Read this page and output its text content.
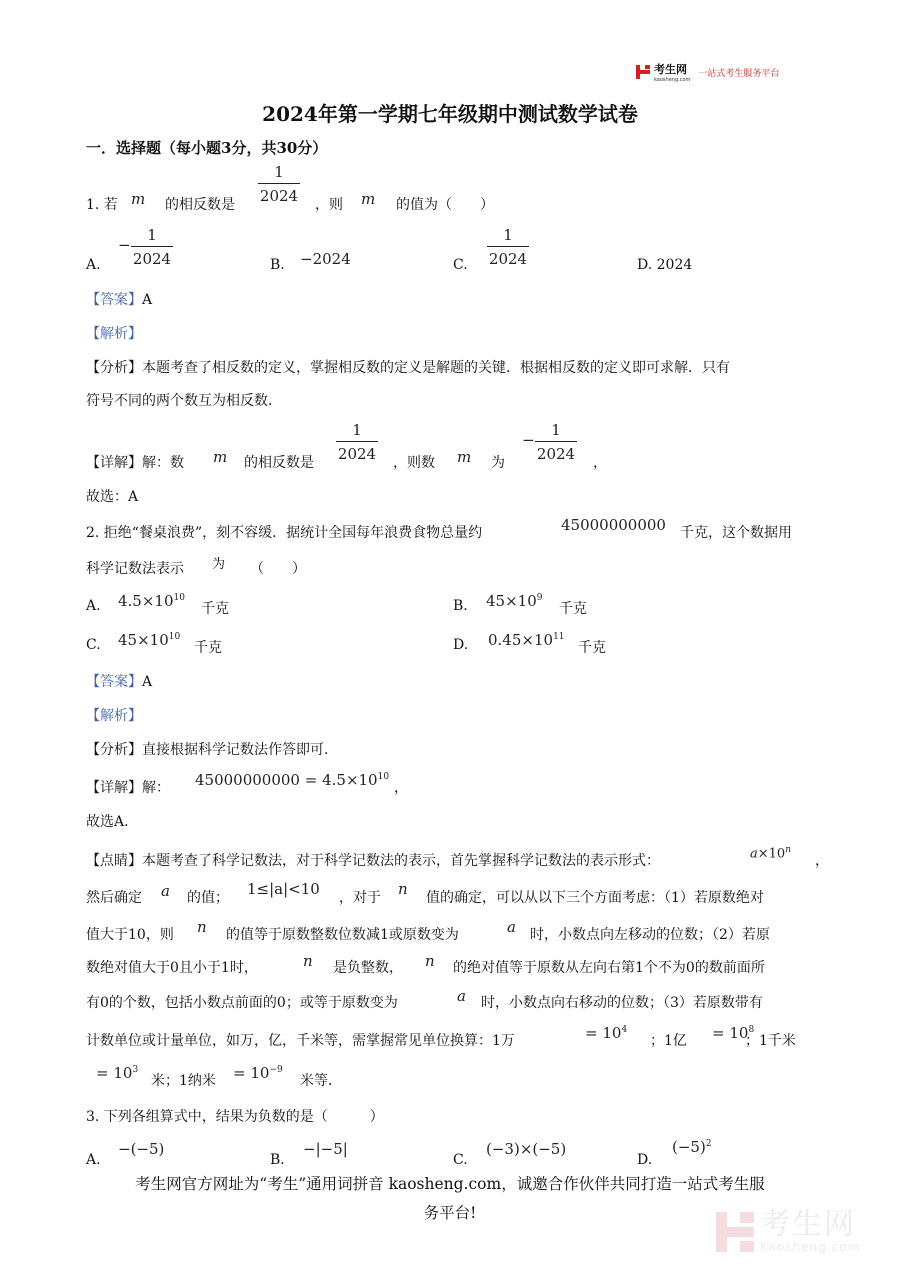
考生网
kaosheng.com
一站式考生服务平台
2024年第一学期七年级期中测试数学试卷
一．选择题（每小题3分，共30分）
1. 若 m 的相反数是
1
2024 ，则 m 的值为（　　）
A.
−
1
2024	B. −2024	C.
1
2024	D. 2024
【答案】A
【解析】
【分析】本题考查了相反数的定义，掌握相反数的定义是解题的关键．根据相反数的定义即可求解．只有
符号不同的两个数互为相反数．
【详解】解：数 m 的相反数是
1
2024 ，则数 m 为
−
1
2024 ，
故选：A
2. 拒绝“餐桌浪费”，刻不容缓．据统计全国每年浪费食物总量约	45000000000 千克，这个数据用
科学记数法表示 为 （　　）
A. $4.5\times 10^{10}$
千克	B. $45\times 10^9$
千克
C. $45\times 10^{10}$
千克	D. $0.45\times 10^{11}$
千克
【答案】A
【解析】
【分析】直接根据科学记数法作答即可．
【详解】解： $45000000000 = 4.5\times 10^{10}$
，
故选A．
【点睛】本题考查了科学记数法，对于科学记数法的表示，首先掌握科学记数法的表示形式：	$a\times 10^n$
，
然后确定 a 的值； 1≤|a|<10 ，对于 n 值的确定，可以从以下三个方面考虑：（1）若原数绝对
值大于10，则 n 的值等于原数整数位数减1或原数变为	a 时，小数点向左移动的位数；（2）若原
数绝对值大于0且小于1时，	n 是负整数， n 的绝对值等于原数从左向右第1个不为0的数前面所
有0的个数，包括小数点前面的0；或等于原数变为	a 时，小数点向右移动的位数；（3）若原数带有
计数单位或计量单位，如万，亿，千米等，需掌握常见单位换算：1万	= $10^4$
；1亿 = $10^8$
；1千米
= $10^3$
米；1纳米 = $10^{-9}$
米等．
3. 下列各组算式中，结果为负数的是（　　　）
A.
−(−5)
B.
−|−5|
C.
(−3)×(−5)
D.
$(-5)^2$
考生网官方网址为“考生”通用词拼音 kaosheng.com，诚邀合作伙伴共同打造一站式考生服
务平台!	考生网
Kaosheng.com
